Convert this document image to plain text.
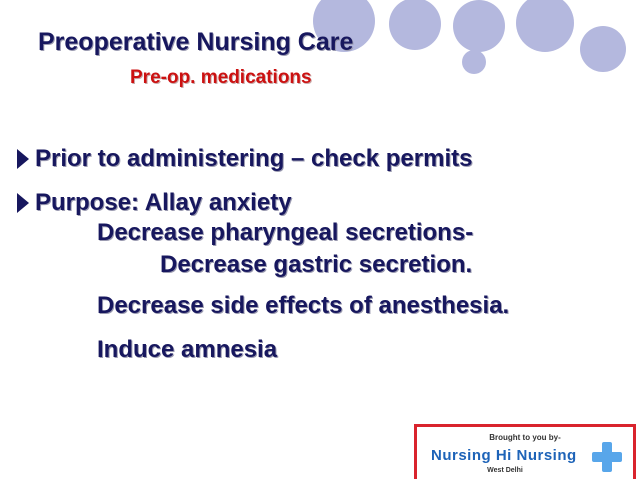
Preoperative Nursing Care
Pre-op. medications
Prior to administering – check permits
Purpose: Allay anxiety
Decrease pharyngeal secretions-
Decrease gastric secretion.
Decrease side effects of anesthesia.
Induce amnesia
Brought to you by-
Nursing Hi Nursing
West Delhi
